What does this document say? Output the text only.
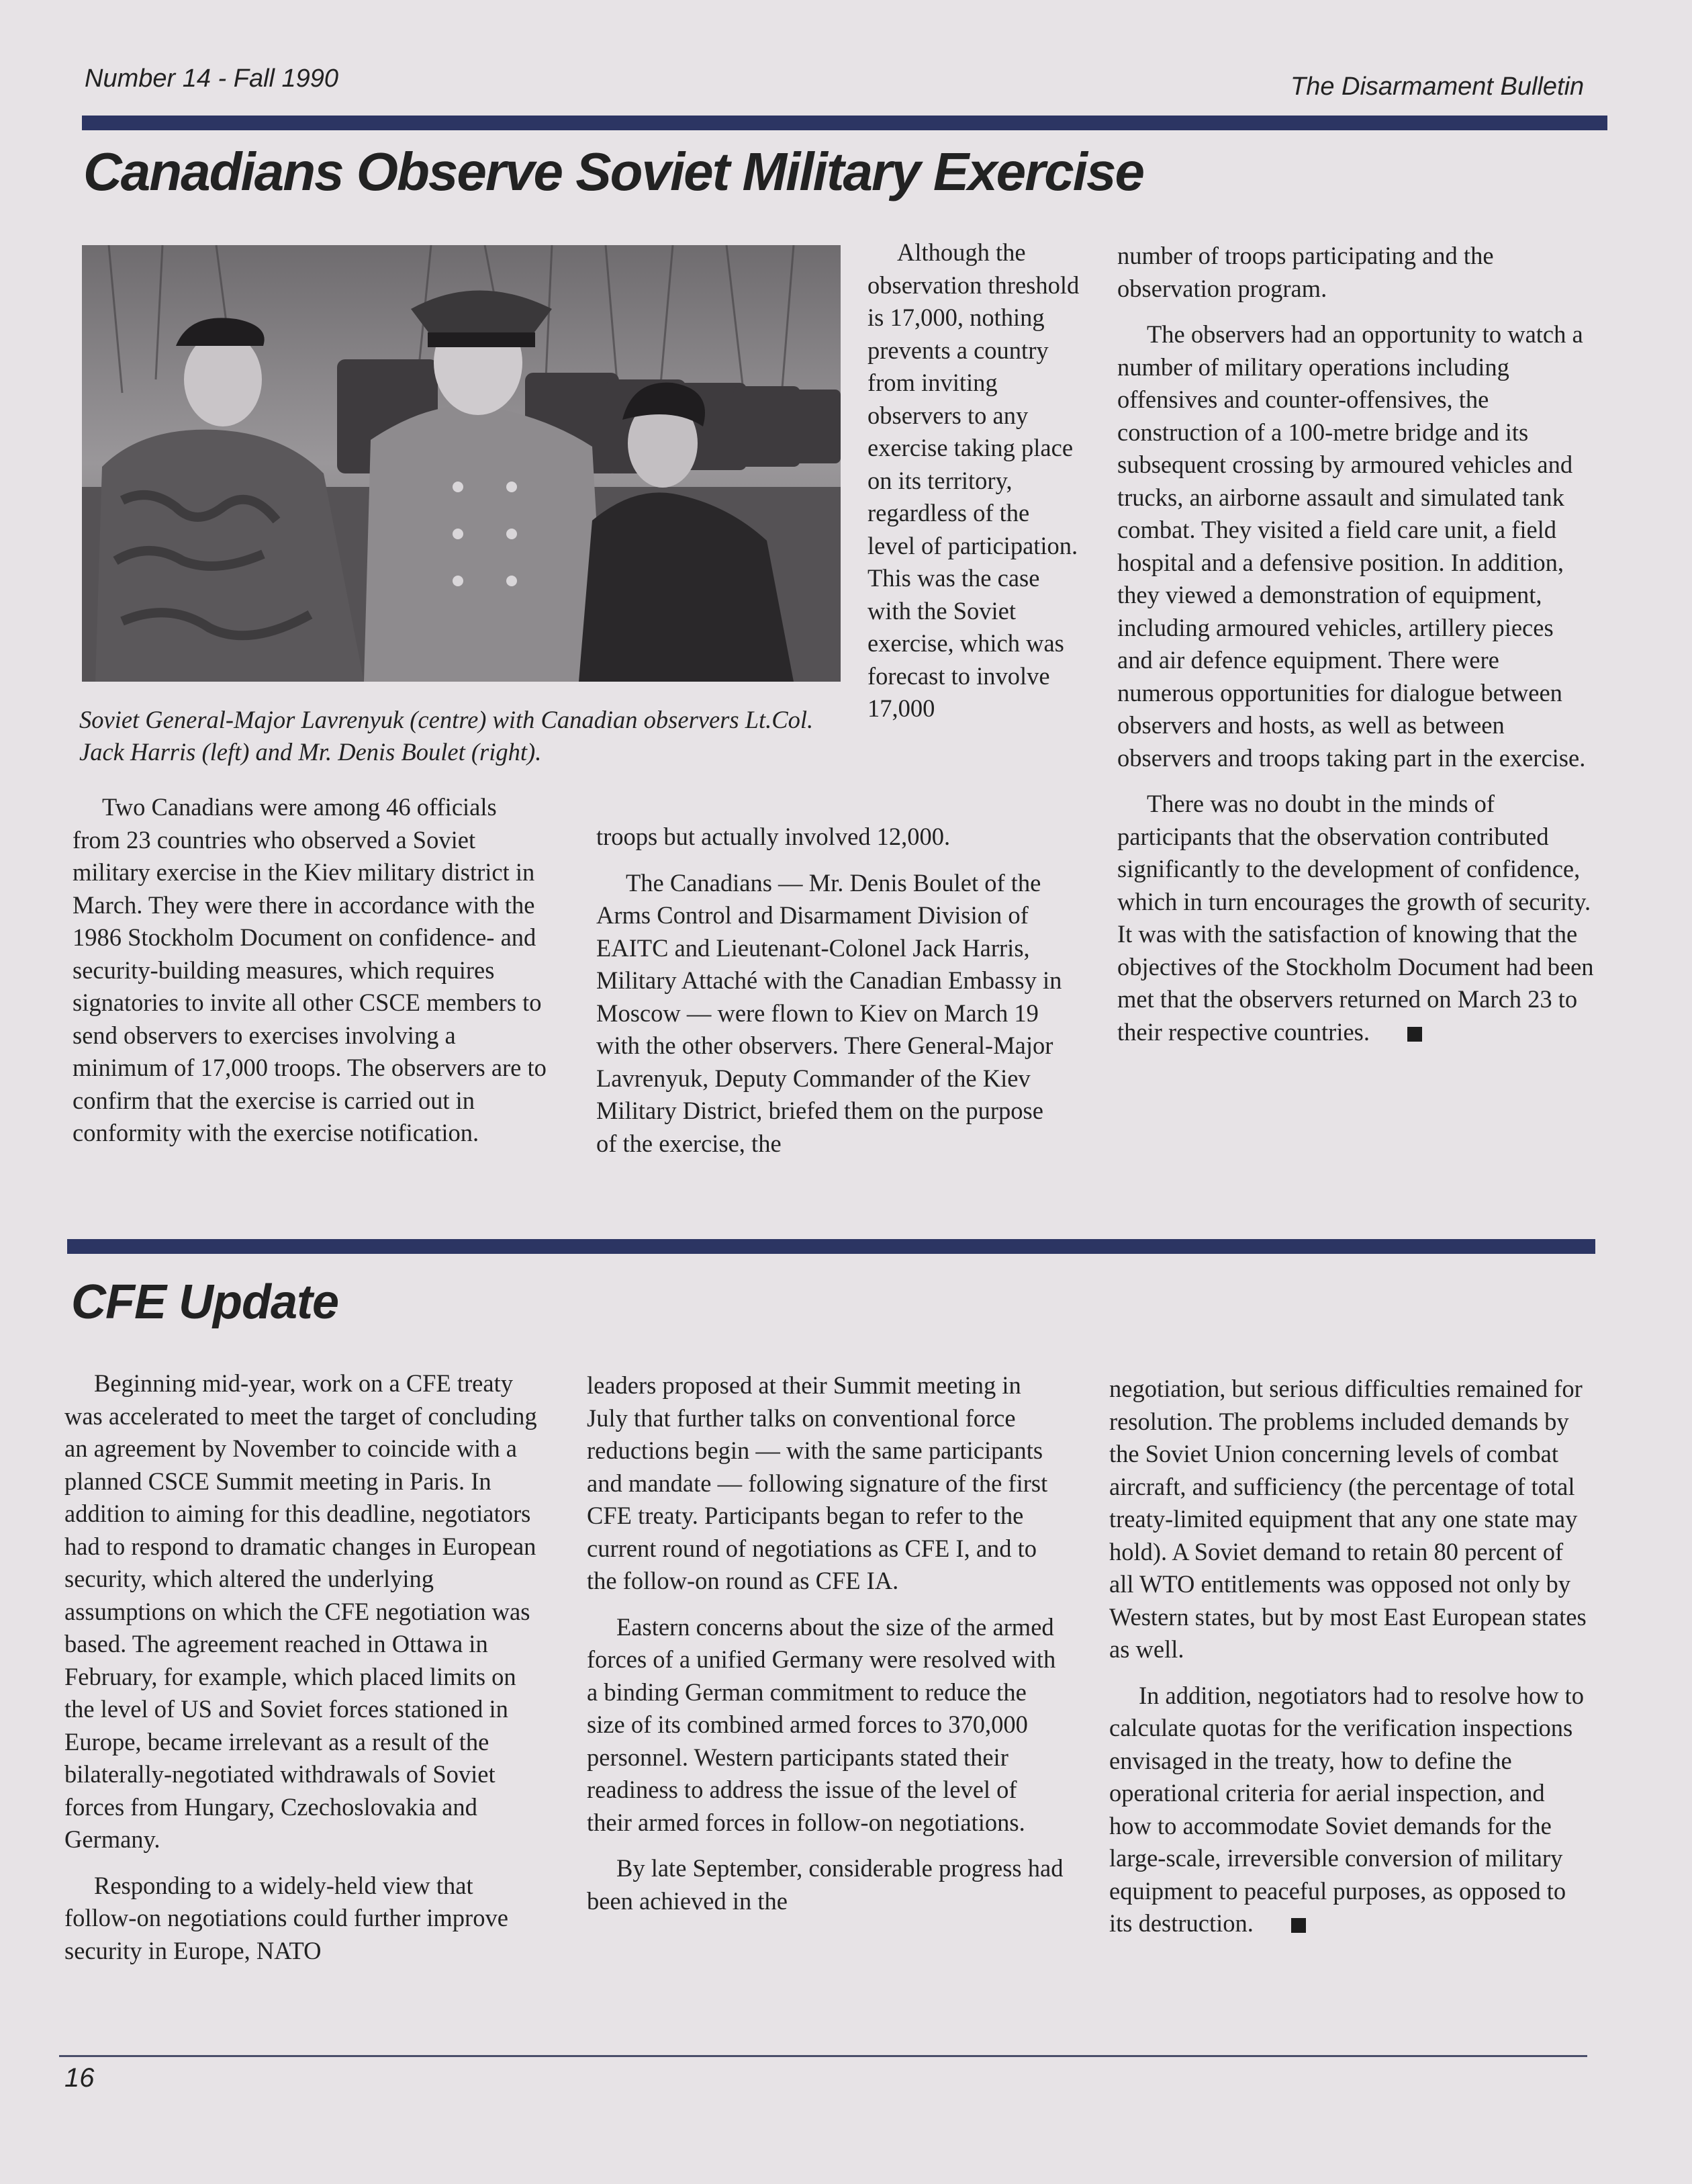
Number 14 - Fall 1990	The Disarmament Bulletin
Canadians Observe Soviet Military Exercise
Soviet General-Major Lavrenyuk (centre) with Canadian observers Lt.Col. Jack Harris (left) and Mr. Denis Boulet (right).

Two Canadians were among 46 officials from 23 countries who observed a Soviet military exercise in the Kiev military district in March. They were there in accordance with the 1986 Stockholm Document on confidence- and security-building measures, which requires signatories to invite all other CSCE members to send observers to exercises involving a minimum of 17,000 troops. The observers are to confirm that the exercise is carried out in conformity with the exercise notification.

Although the observation threshold is 17,000, nothing prevents a country from inviting observers to any exercise taking place on its territory, regardless of the level of participation. This was the case with the Soviet exercise, which was forecast to involve 17,000

troops but actually involved 12,000.

The Canadians — Mr. Denis Boulet of the Arms Control and Disarmament Division of EAITC and Lieutenant-Colonel Jack Harris, Military Attaché with the Canadian Embassy in Moscow — were flown to Kiev on March 19 with the other observers. There General-Major Lavrenyuk, Deputy Commander of the Kiev Military District, briefed them on the purpose of the exercise, the

number of troops participating and the observation program.

The observers had an opportunity to watch a number of military operations including offensives and counter-offensives, the construction of a 100-metre bridge and its subsequent crossing by armoured vehicles and trucks, an airborne assault and simulated tank combat. They visited a field care unit, a field hospital and a defensive position. In addition, they viewed a demonstration of equipment, including armoured vehicles, artillery pieces and air defence equipment. There were numerous opportunities for dialogue between observers and hosts, as well as between observers and troops taking part in the exercise.

There was no doubt in the minds of participants that the observation contributed significantly to the development of confidence, which in turn encourages the growth of security. It was with the satisfaction of knowing that the objectives of the Stockholm Document had been met that the observers returned on March 23 to their respective countries.

CFE Update

Beginning mid-year, work on a CFE treaty was accelerated to meet the target of concluding an agreement by November to coincide with a planned CSCE Summit meeting in Paris. In addition to aiming for this deadline, negotiators had to respond to dramatic changes in European security, which altered the underlying assumptions on which the CFE negotiation was based. The agreement reached in Ottawa in February, for example, which placed limits on the level of US and Soviet forces stationed in Europe, became irrelevant as a result of the bilaterally-negotiated withdrawals of Soviet forces from Hungary, Czechoslovakia and Germany.

Responding to a widely-held view that follow-on negotiations could further improve security in Europe, NATO

leaders proposed at their Summit meeting in July that further talks on conventional force reductions begin — with the same participants and mandate — following signature of the first CFE treaty. Participants began to refer to the current round of negotiations as CFE I, and to the follow-on round as CFE IA.

Eastern concerns about the size of the armed forces of a unified Germany were resolved with a binding German commitment to reduce the size of its combined armed forces to 370,000 personnel. Western participants stated their readiness to address the issue of the level of their armed forces in follow-on negotiations.

By late September, considerable progress had been achieved in the

negotiation, but serious difficulties remained for resolution. The problems included demands by the Soviet Union concerning levels of combat aircraft, and sufficiency (the percentage of total treaty-limited equipment that any one state may hold). A Soviet demand to retain 80 percent of all WTO entitlements was opposed not only by Western states, but by most East European states as well.

In addition, negotiators had to resolve how to calculate quotas for the verification inspections envisaged in the treaty, how to define the operational criteria for aerial inspection, and how to accommodate Soviet demands for the large-scale, irreversible conversion of military equipment to peaceful purposes, as opposed to its destruction.

16
